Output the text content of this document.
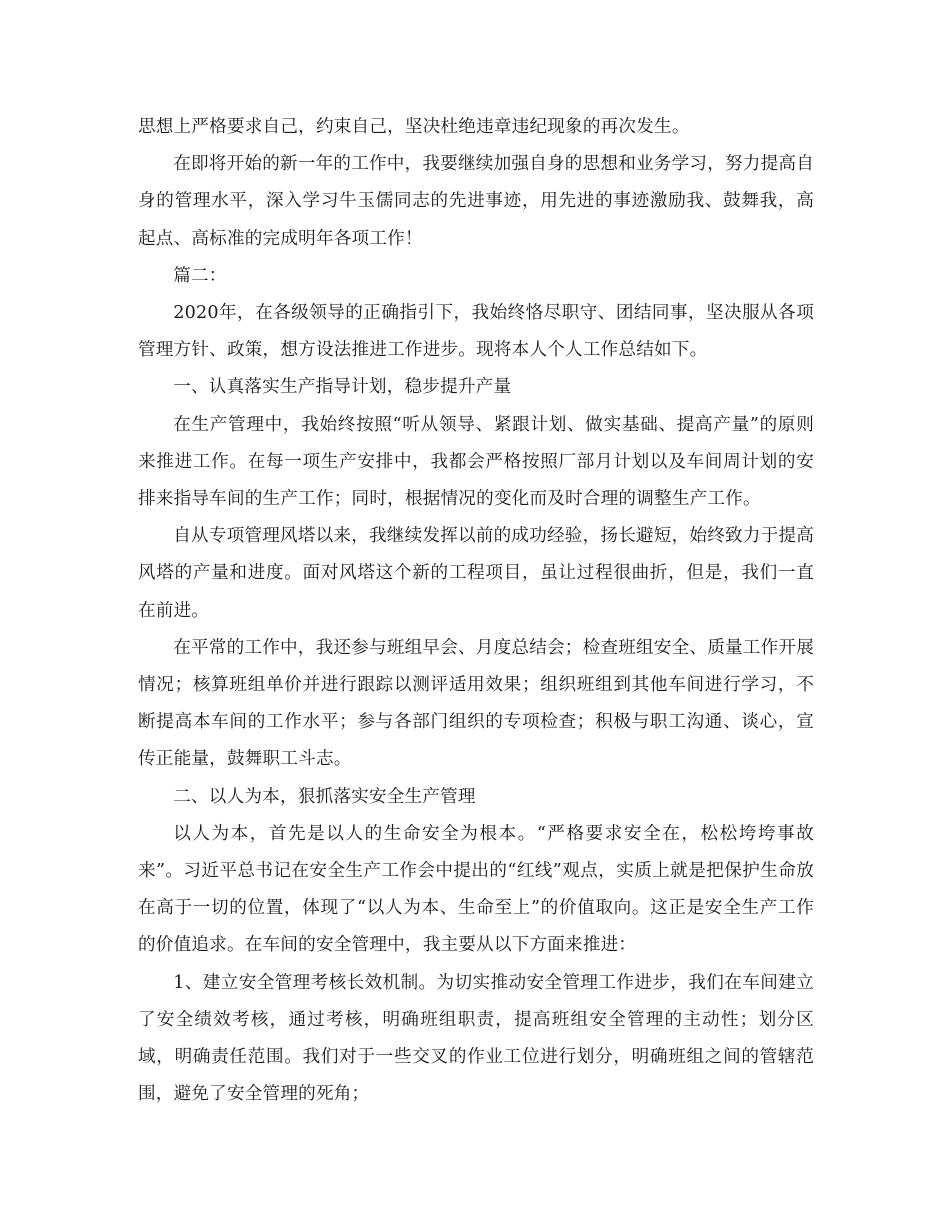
思想上严格要求自己，约束自己，坚决杜绝违章违纪现象的再次发生。

在即将开始的新一年的工作中，我要继续加强自身的思想和业务学习，努力提高自身的管理水平，深入学习牛玉儒同志的先进事迹，用先进的事迹激励我、鼓舞我，高起点、高标准的完成明年各项工作！

篇二：

2020年，在各级领导的正确指引下，我始终恪尽职守、团结同事，坚决服从各项管理方针、政策，想方设法推进工作进步。现将本人个人工作总结如下。

一、认真落实生产指导计划，稳步提升产量

在生产管理中，我始终按照“听从领导、紧跟计划、做实基础、提高产量”的原则来推进工作。在每一项生产安排中，我都会严格按照厂部月计划以及车间周计划的安排来指导车间的生产工作；同时，根据情况的变化而及时合理的调整生产工作。

自从专项管理风塔以来，我继续发挥以前的成功经验，扬长避短，始终致力于提高风塔的产量和进度。面对风塔这个新的工程项目，虽让过程很曲折，但是，我们一直在前进。

在平常的工作中，我还参与班组早会、月度总结会；检查班组安全、质量工作开展情况；核算班组单价并进行跟踪以测评适用效果；组织班组到其他车间进行学习，不断提高本车间的工作水平；参与各部门组织的专项检查；积极与职工沟通、谈心，宣传正能量，鼓舞职工斗志。

二、以人为本，狠抓落实安全生产管理

以人为本，首先是以人的生命安全为根本。“严格要求安全在，松松垮垮事故来”。习近平总书记在安全生产工作会中提出的“红线”观点，实质上就是把保护生命放在高于一切的位置，体现了“以人为本、生命至上”的价值取向。这正是安全生产工作的价值追求。在车间的安全管理中，我主要从以下方面来推进：

1、建立安全管理考核长效机制。为切实推动安全管理工作进步，我们在车间建立了安全绩效考核，通过考核，明确班组职责，提高班组安全管理的主动性；划分区域，明确责任范围。我们对于一些交叉的作业工位进行划分，明确班组之间的管辖范围，避免了安全管理的死角；
